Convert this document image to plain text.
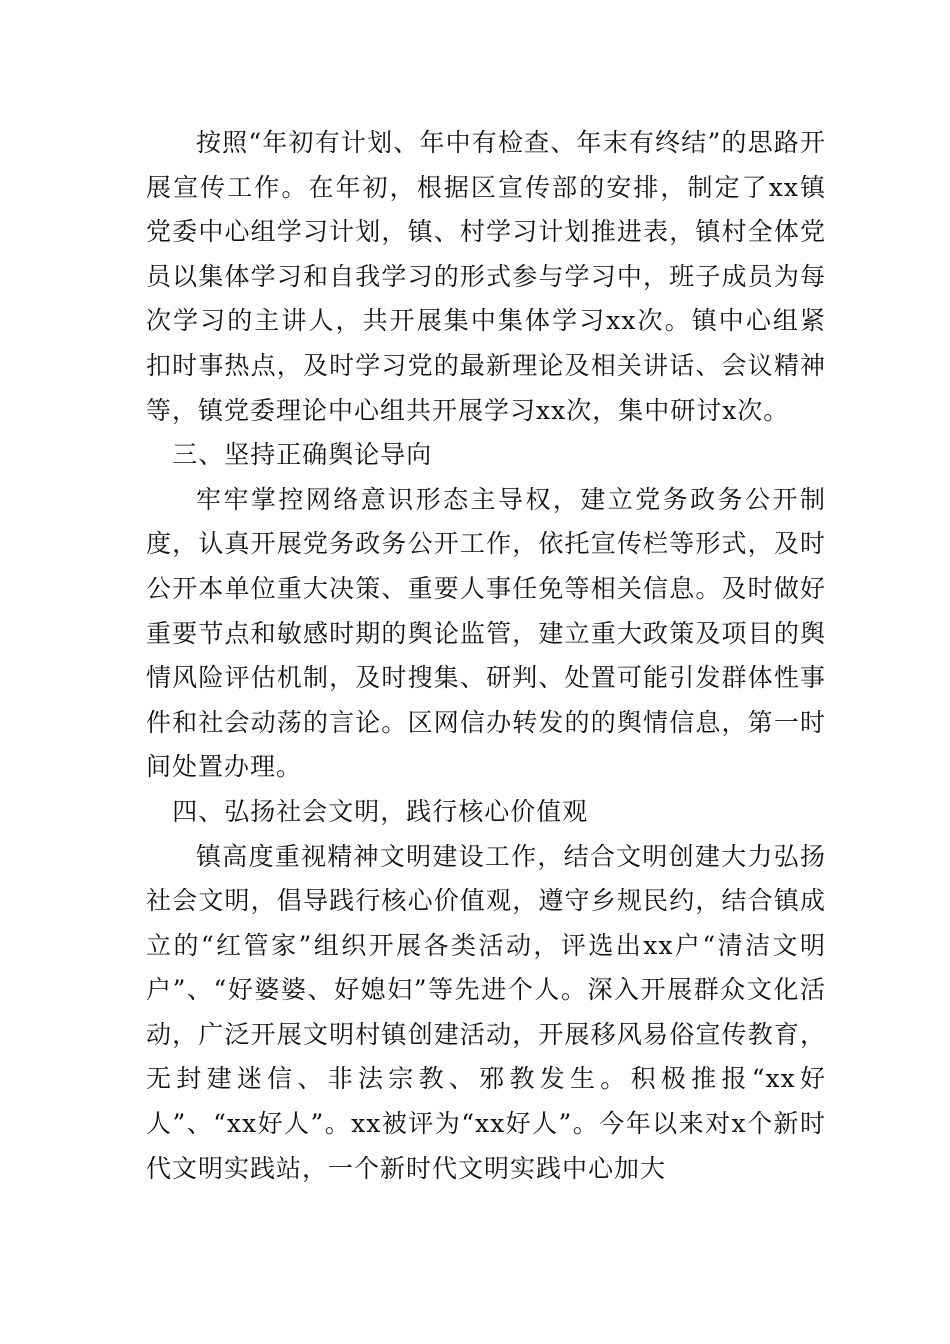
按照“年初有计划、年中有检查、年末有终结”的思路开展宣传工作。在年初，根据区宣传部的安排，制定了xx镇党委中心组学习计划，镇、村学习计划推进表，镇村全体党员以集体学习和自我学习的形式参与学习中，班子成员为每次学习的主讲人，共开展集中集体学习xx次。镇中心组紧扣时事热点，及时学习党的最新理论及相关讲话、会议精神等，镇党委理论中心组共开展学习xx次，集中研讨x次。

三、坚持正确舆论导向

牢牢掌控网络意识形态主导权，建立党务政务公开制度，认真开展党务政务公开工作，依托宣传栏等形式，及时公开本单位重大决策、重要人事任免等相关信息。及时做好重要节点和敏感时期的舆论监管，建立重大政策及项目的舆情风险评估机制，及时搜集、研判、处置可能引发群体性事件和社会动荡的言论。区网信办转发的的舆情信息，第一时间处置办理。

四、弘扬社会文明，践行核心价值观

镇高度重视精神文明建设工作，结合文明创建大力弘扬社会文明，倡导践行核心价值观，遵守乡规民约，结合镇成立的“红管家”组织开展各类活动，评选出xx户“清洁文明户”、“好婆婆、好媳妇”等先进个人。深入开展群众文化活动，广泛开展文明村镇创建活动，开展移风易俗宣传教育，无封建迷信、非法宗教、邪教发生。积极推报“xx好人”、“xx好人”。xx被评为“xx好人”。今年以来对x个新时代文明实践站，一个新时代文明实践中心加大
